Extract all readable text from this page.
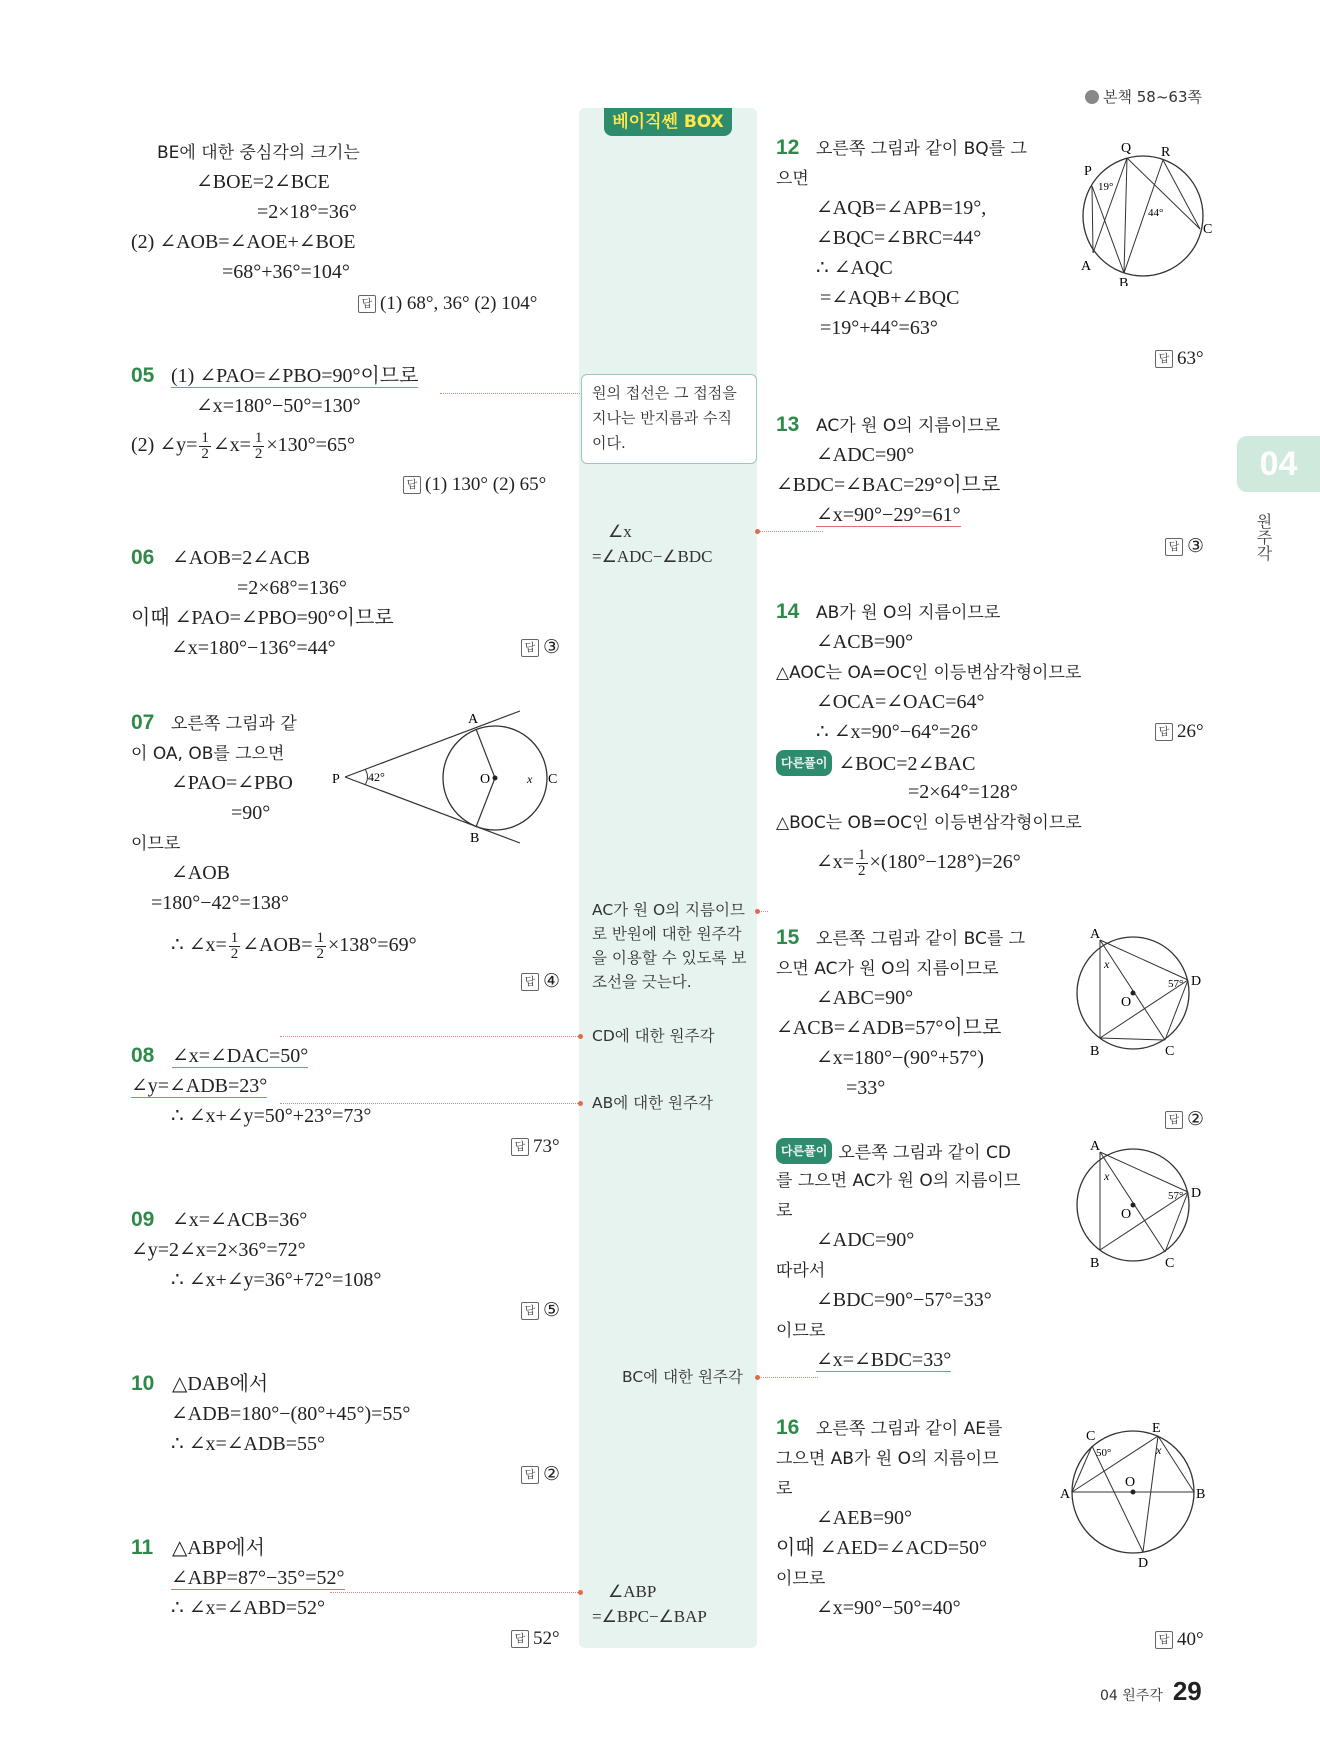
본책 58~63쪽
베이직쎈 BOX
원의 접선은 그 접점을 지나는 반지름과 수직이다.
∠x
=∠ADC−∠BDC
AC가 원 O의 지름이므로 반원에 대한 원주각을 이용할 수 있도록 보조선을 긋는다.
CD에 대한 원주각
AB에 대한 원주각
BC에 대한 원주각
∠ABP
=∠BPC−∠BAP
BE에 대한 중심각의 크기는
∠BOE=2∠BCE
=2×18°=36°
(2) ∠AOB=∠AOE+∠BOE
=68°+36°=104°
답 (1) 68°, 36° (2) 104°
05 (1) ∠PAO=∠PBO=90°이므로
∠x=180°−50°=130°
(2) ∠y= $\frac{1}{2}$ ∠x= $\frac{1}{2} \times 130^\circ=65^\circ$
답 (1) 130° (2) 65°
06 ∠AOB=2∠ACB
=2×68°=136°
이때 ∠PAO=∠PBO=90°이므로
∠x=180°−136°=44°	답 ③
07 오른쪽 그림과 같
이 OA, OB를 그으면
∠PAO=∠PBO
=90°
이므로
∠AOB
=180°−42°=138°
∴ ∠x= $\frac{1}{2}$ ∠AOB= $\frac{1}{2} \times 138^\circ=69^\circ$
답 ④
P 42°
A
B
O	C
x
08 ∠x=∠DAC=50°
∠y=∠ADB=23°
∴ ∠x+∠y=50°+23°=73°
답 73°
09 ∠x=∠ACB=36°
∠y=2∠x=2×36°=72°
∴ ∠x+∠y=36°+72°=108°
답 ⑤
10 △DAB에서
∠ADB=180°−(80°+45°)=55°
∴ ∠x=∠ADB=55°
답 ②
11 △ABP에서
∠ABP=87°−35°=52°
∴ ∠x=∠ABD=52°
답 52°
12 오른쪽 그림과 같이 BQ를 그
으면
∠AQB=∠APB=19°,
∠BQC=∠BRC=44°
∴ ∠AQC
=∠AQB+∠BQC
=19°+44°=63°
답 63°
P
Q R
C
A
B
19°
44°
13 AC가 원 O의 지름이므로
∠ADC=90°
∠BDC=∠BAC=29°이므로
∠x=90°−29°=61°
답 ③
14 AB가 원 O의 지름이므로
∠ACB=90°
△AOC는 OA=OC인 이등변삼각형이므로
∠OCA=∠OAC=64°
∴ ∠x=90°−64°=26°	답 26°
다른풀이 ∠BOC=2∠BAC
=2×64°=128°
△BOC는 OB=OC인 이등변삼각형이므로
∠x= $\frac{1}{2} \times(180^\circ-128^\circ)=26^\circ$
15 오른쪽 그림과 같이 BC를 그
으면 AC가 원 O의 지름이므로
∠ABC=90°
∠ACB=∠ADB=57°이므로
∠x=180°−(90°+57°)
=33°
답 ②
A
D
B	C
O
x
57°
다른풀이 오른쪽 그림과 같이 CD
를 그으면 AC가 원 O의 지름이므
로
∠ADC=90°
따라서
∠BDC=90°−57°=33°
이므로
∠x=∠BDC=33°
A
D
B	C
O
x
57°
16 오른쪽 그림과 같이 AE를
그으면 AB가 원 O의 지름이므
로
∠AEB=90°
이때 ∠AED=∠ACD=50°
이므로
∠x=90°−50°=40°
답 40°
C
E
A	B
D
O
50°	x
04
원주각
04 원주각 29
